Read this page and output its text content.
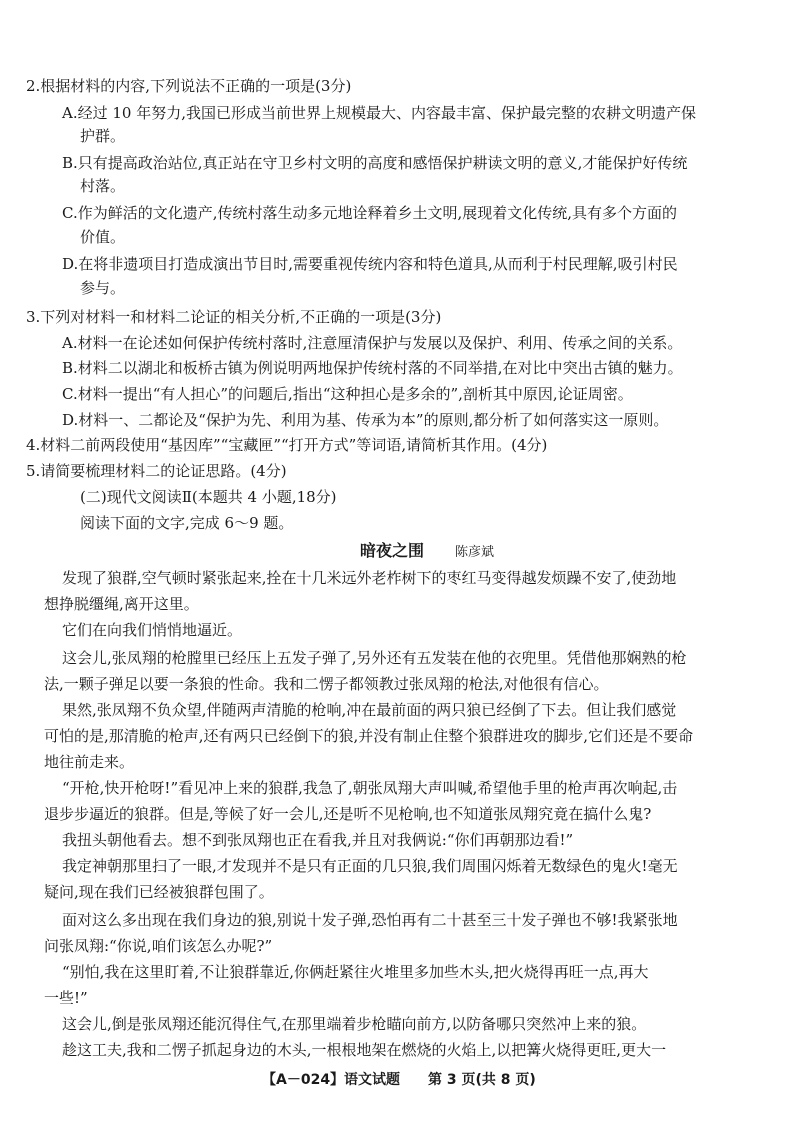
2.根据材料的内容,下列说法不正确的一项是(3分)
A.经过 10 年努力,我国已形成当前世界上规模最大、内容最丰富、保护最完整的农耕文明遗产保
护群。
B.只有提高政治站位,真正站在守卫乡村文明的高度和感悟保护耕读文明的意义,才能保护好传统
村落。
C.作为鲜活的文化遗产,传统村落生动多元地诠释着乡土文明,展现着文化传统,具有多个方面的
价值。
D.在将非遗项目打造成演出节目时,需要重视传统内容和特色道具,从而利于村民理解,吸引村民
参与。
3.下列对材料一和材料二论证的相关分析,不正确的一项是(3分)
A.材料一在论述如何保护传统村落时,注意厘清保护与发展以及保护、利用、传承之间的关系。
B.材料二以湖北和板桥古镇为例说明两地保护传统村落的不同举措,在对比中突出古镇的魅力。
C.材料一提出“有人担心”的问题后,指出“这种担心是多余的”,剖析其中原因,论证周密。
D.材料一、二都论及“保护为先、利用为基、传承为本”的原则,都分析了如何落实这一原则。
4.材料二前两段使用“基因库”“宝藏匣”“打开方式”等词语,请简析其作用。(4分)
5.请简要梳理材料二的论证思路。(4分)
(二)现代文阅读Ⅱ(本题共 4 小题,18分)
阅读下面的文字,完成 6～9 题。
暗夜之围 陈彦斌
发现了狼群,空气顿时紧张起来,拴在十几米远外老柞树下的枣红马变得越发烦躁不安了,使劲地
想挣脱缰绳,离开这里。
它们在向我们悄悄地逼近。
这会儿,张凤翔的枪膛里已经压上五发子弹了,另外还有五发装在他的衣兜里。凭借他那娴熟的枪
法,一颗子弹足以要一条狼的性命。我和二愣子都领教过张凤翔的枪法,对他很有信心。
果然,张凤翔不负众望,伴随两声清脆的枪响,冲在最前面的两只狼已经倒了下去。但让我们感觉
可怕的是,那清脆的枪声,还有两只已经倒下的狼,并没有制止住整个狼群进攻的脚步,它们还是不要命
地往前走来。
“开枪,快开枪呀!”看见冲上来的狼群,我急了,朝张凤翔大声叫喊,希望他手里的枪声再次响起,击
退步步逼近的狼群。但是,等候了好一会儿,还是听不见枪响,也不知道张凤翔究竟在搞什么鬼?
我扭头朝他看去。想不到张凤翔也正在看我,并且对我俩说:“你们再朝那边看!”
我定神朝那里扫了一眼,才发现并不是只有正面的几只狼,我们周围闪烁着无数绿色的鬼火!毫无
疑问,现在我们已经被狼群包围了。
面对这么多出现在我们身边的狼,别说十发子弹,恐怕再有二十甚至三十发子弹也不够!我紧张地
问张凤翔:“你说,咱们该怎么办呢?”
“别怕,我在这里盯着,不让狼群靠近,你俩赶紧往火堆里多加些木头,把火烧得再旺一点,再大
一些!”
这会儿,倒是张凤翔还能沉得住气,在那里端着步枪瞄向前方,以防备哪只突然冲上来的狼。
趁这工夫,我和二愣子抓起身边的木头,一根根地架在燃烧的火焰上,以把篝火烧得更旺,更大一
【A－024】语文试题 第 3 页(共 8 页)
